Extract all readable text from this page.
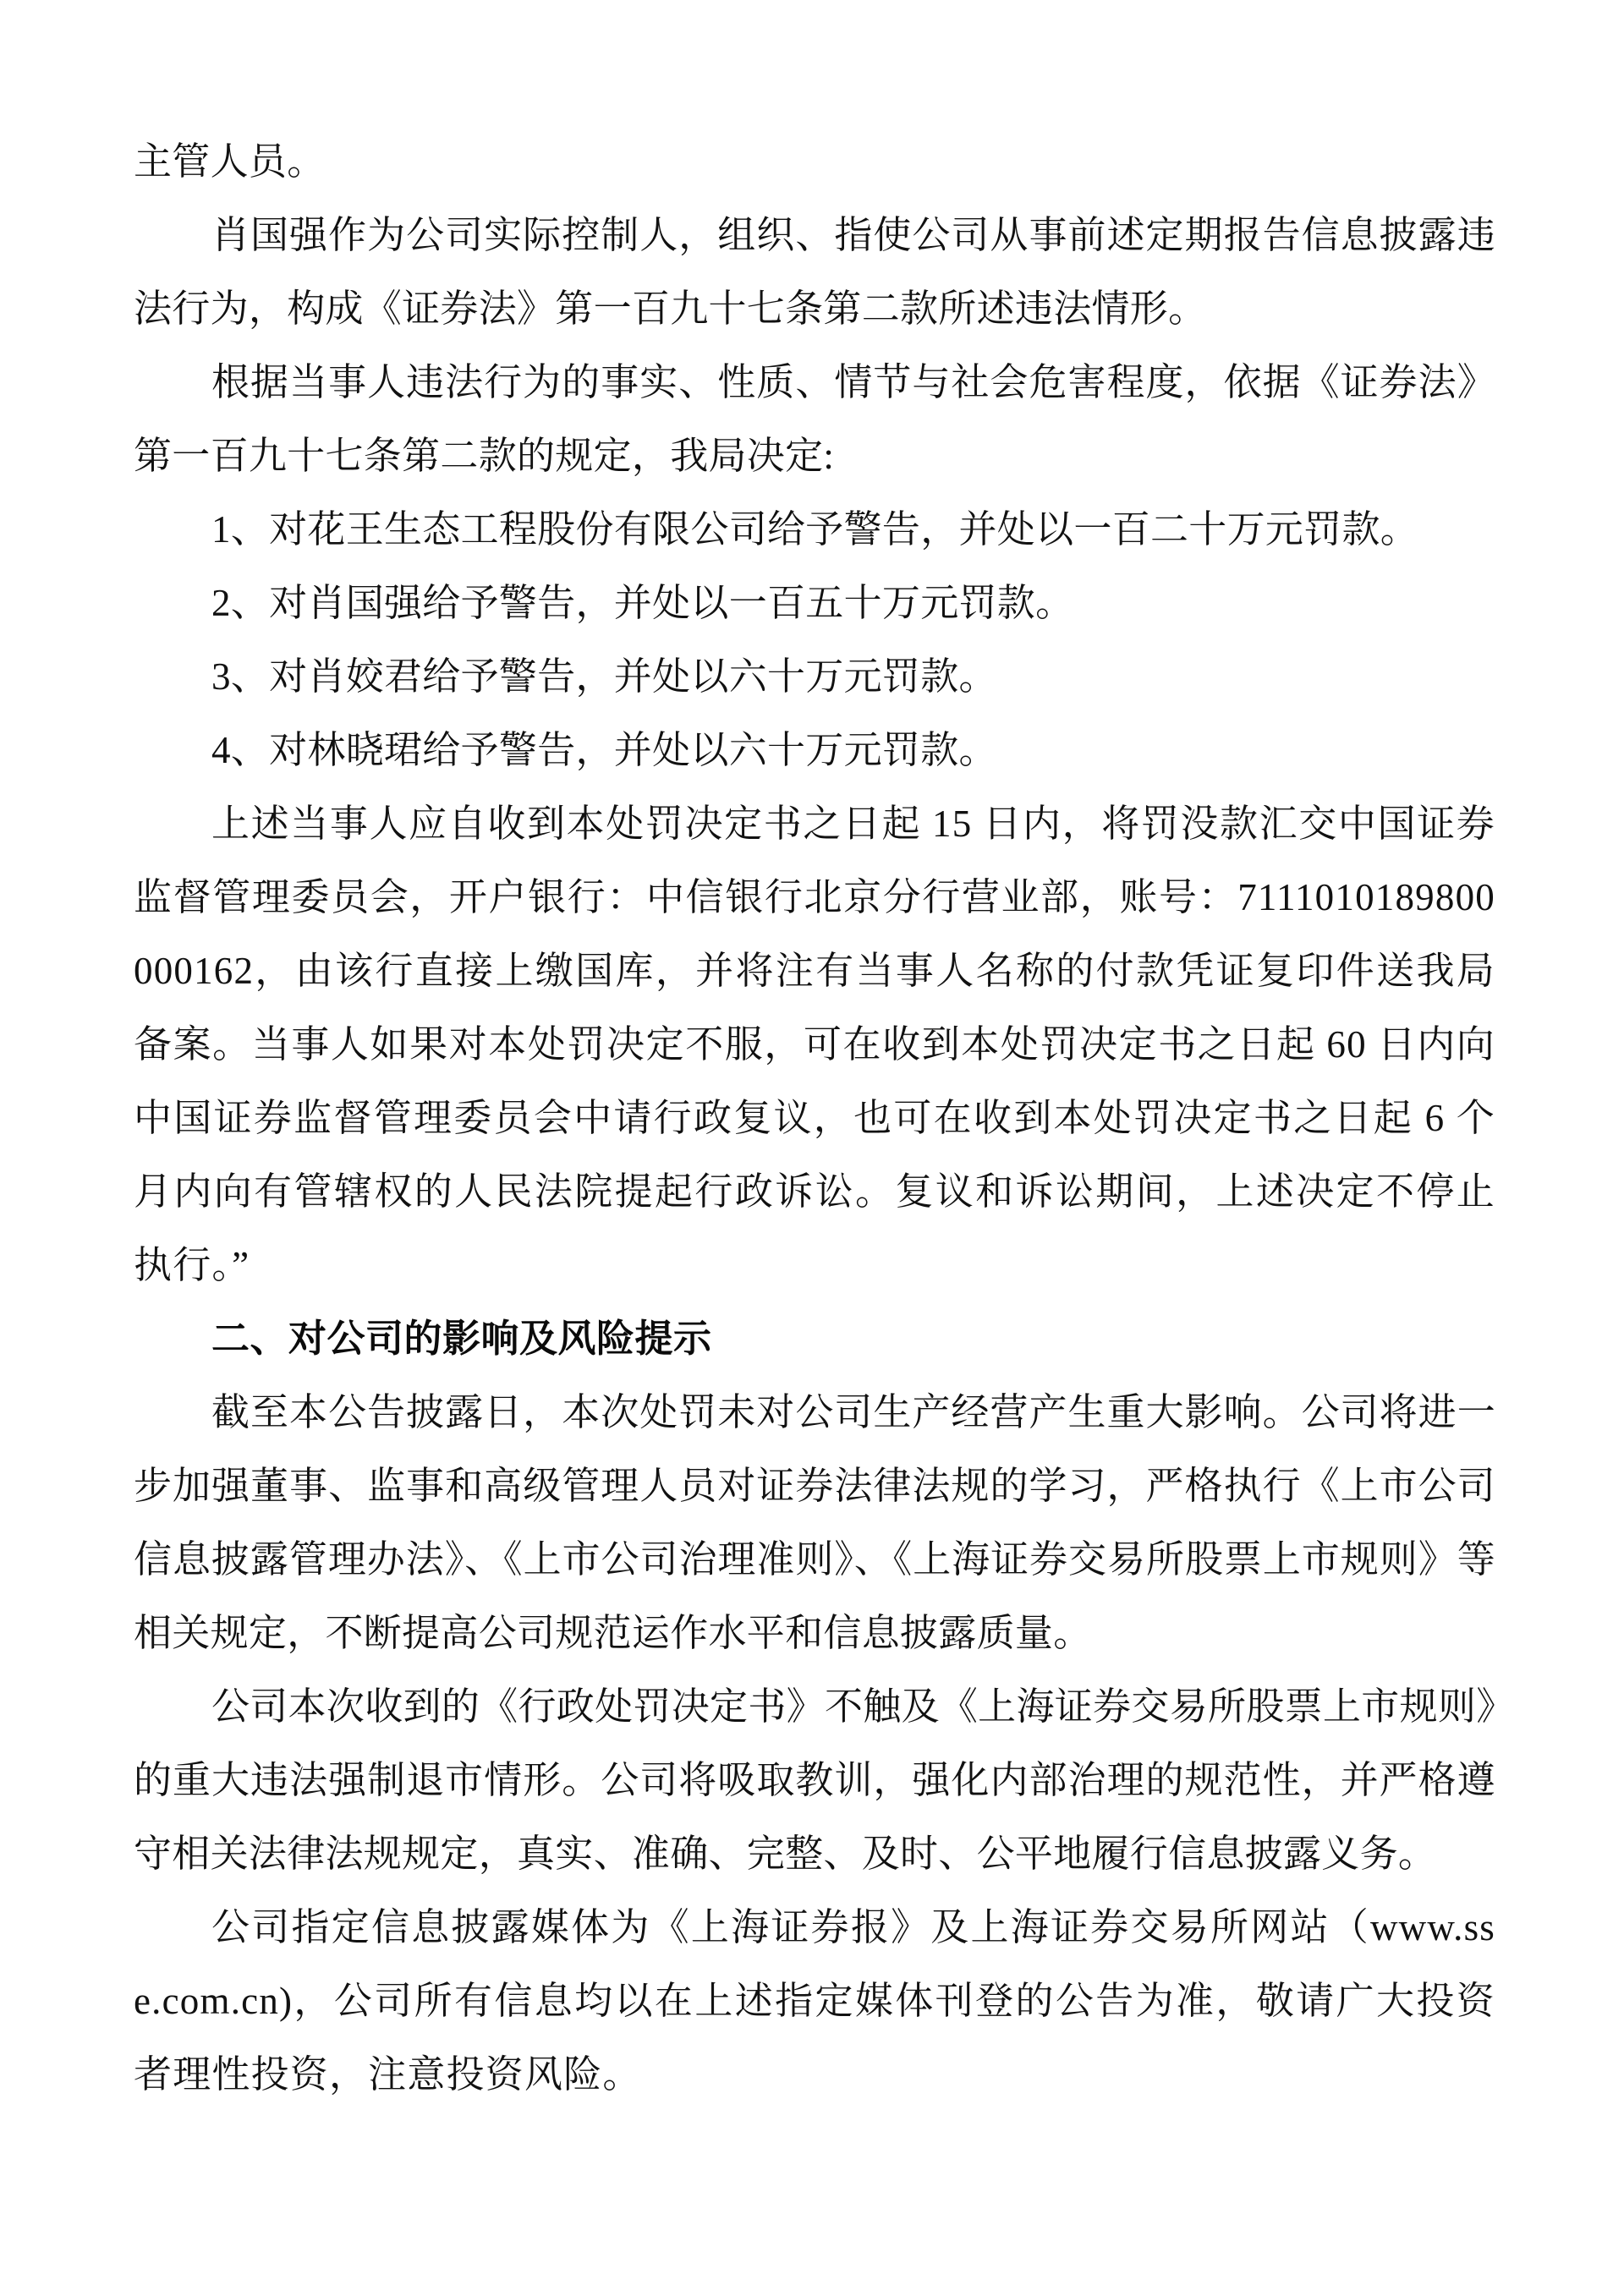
主管人员。

肖国强作为公司实际控制人，组织、指使公司从事前述定期报告信息披露违法行为，构成《证券法》第一百九十七条第二款所述违法情形。

根据当事人违法行为的事实、性质、情节与社会危害程度，依据《证券法》第一百九十七条第二款的规定，我局决定:

1、对花王生态工程股份有限公司给予警告，并处以一百二十万元罚款。

2、对肖国强给予警告，并处以一百五十万元罚款。

3、对肖姣君给予警告，并处以六十万元罚款。

4、对林晓珺给予警告，并处以六十万元罚款。

上述当事人应自收到本处罚决定书之日起 15 日内，将罚没款汇交中国证券监督管理委员会，开户银行：中信银行北京分行营业部，账号：7111010189800000162，由该行直接上缴国库，并将注有当事人名称的付款凭证复印件送我局备案。当事人如果对本处罚决定不服，可在收到本处罚决定书之日起 60 日内向中国证券监督管理委员会中请行政复议，也可在收到本处罚决定书之日起 6 个月内向有管辖权的人民法院提起行政诉讼。复议和诉讼期间，上述决定不停止执行。”

二、对公司的影响及风险提示

截至本公告披露日，本次处罚未对公司生产经营产生重大影响。公司将进一步加强董事、监事和高级管理人员对证券法律法规的学习，严格执行《上市公司信息披露管理办法》、《上市公司治理准则》、《上海证券交易所股票上市规则》等相关规定，不断提高公司规范运作水平和信息披露质量。

公司本次收到的《行政处罚决定书》不触及《上海证券交易所股票上市规则》的重大违法强制退市情形。公司将吸取教训，强化内部治理的规范性，并严格遵守相关法律法规规定，真实、准确、完整、及时、公平地履行信息披露义务。

公司指定信息披露媒体为《上海证券报》及上海证券交易所网站（www.sse.com.cn)，公司所有信息均以在上述指定媒体刊登的公告为准，敬请广大投资者理性投资，注意投资风险。
